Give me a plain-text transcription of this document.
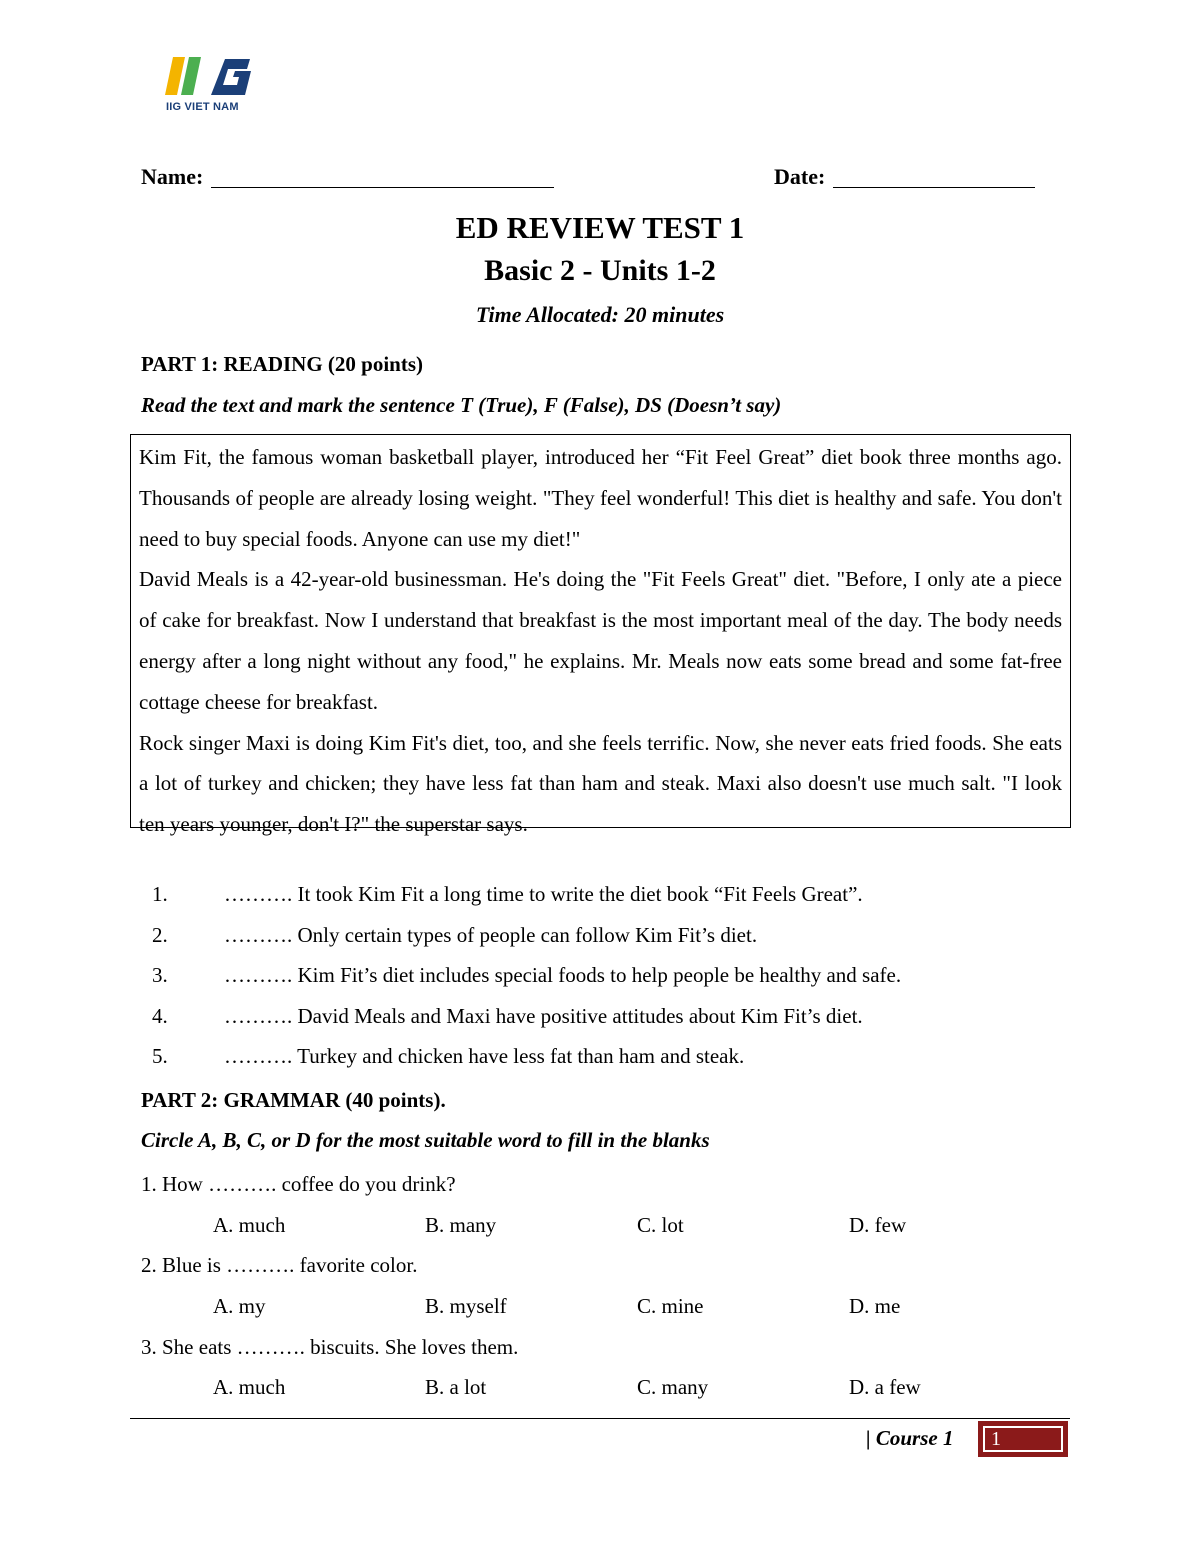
IIG VIET NAM
Name:	Date:
ED REVIEW TEST 1
Basic 2 - Units 1-2
Time Allocated: 20 minutes
PART 1: READING (20 points)
Read the text and mark the sentence T (True), F (False), DS (Doesn’t say)

Kim Fit, the famous woman basketball player, introduced her “Fit Feel Great” diet book three months ago. Thousands of people are already losing weight. "They feel wonderful! This diet is healthy and safe. You don't need to buy special foods. Anyone can use my diet!"

David Meals is a 42-year-old businessman. He's doing the "Fit Feels Great" diet. "Before, I only ate a piece of cake for breakfast. Now I understand that breakfast is the most important meal of the day. The body needs energy after a long night without any food," he explains. Mr. Meals now eats some bread and some fat-free cottage cheese for breakfast.

Rock singer Maxi is doing Kim Fit's diet, too, and she feels terrific. Now, she never eats fried foods. She eats a lot of turkey and chicken; they have less fat than ham and steak. Maxi also doesn't use much salt. "I look ten years younger, don't I?" the superstar says.

1.	………. It took Kim Fit a long time to write the diet book “Fit Feels Great”.
2.	………. Only certain types of people can follow Kim Fit’s diet.
3.	………. Kim Fit’s diet includes special foods to help people be healthy and safe.
4.	………. David Meals and Maxi have positive attitudes about Kim Fit’s diet.
5.	………. Turkey and chicken have less fat than ham and steak.
PART 2: GRAMMAR (40 points).
Circle A, B, C, or D for the most suitable word to fill in the blanks
1. How ………. coffee do you drink?
A. much	B. many	C. lot	D. few
2. Blue is ………. favorite color.
A. my	B. myself	C. mine	D. me
3. She eats ………. biscuits. She loves them.
A. much	B. a lot	C. many	D. a few
| Course 1	1
